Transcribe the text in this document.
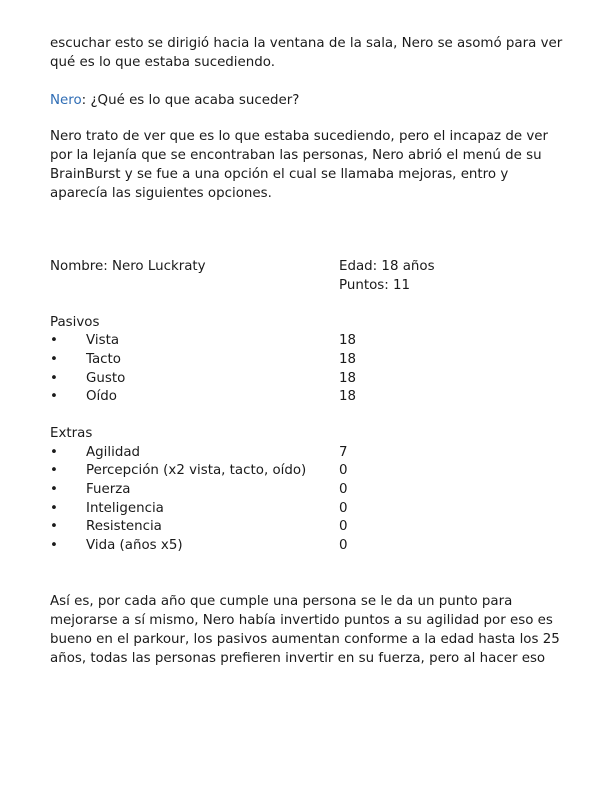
escuchar esto se dirigió hacia la ventana de la sala, Nero se asomó para ver qué es lo que estaba sucediendo.

Nero: ¿Qué es lo que acaba suceder?

Nero trato de ver que es lo que estaba sucediendo, pero el incapaz de ver por la lejanía que se encontraban las personas, Nero abrió el menú de su BrainBurst y se fue a una opción el cual se llamaba mejoras, entro y aparecía las siguientes opciones.

Nombre: Nero Luckraty	Edad: 18 años
Puntos: 11
Pasivos
• Vista	18
• Tacto	18
• Gusto	18
• Oído	18
Extras
• Agilidad	7
• Percepción (x2 vista, tacto, oído) 0
• Fuerza	0
• Inteligencia	0
• Resistencia	0
• Vida (años x5)	0

Así es, por cada año que cumple una persona se le da un punto para mejorarse a sí mismo, Nero había invertido puntos a su agilidad por eso es bueno en el parkour, los pasivos aumentan conforme a la edad hasta los 25 años, todas las personas prefieren invertir en su fuerza, pero al hacer eso
